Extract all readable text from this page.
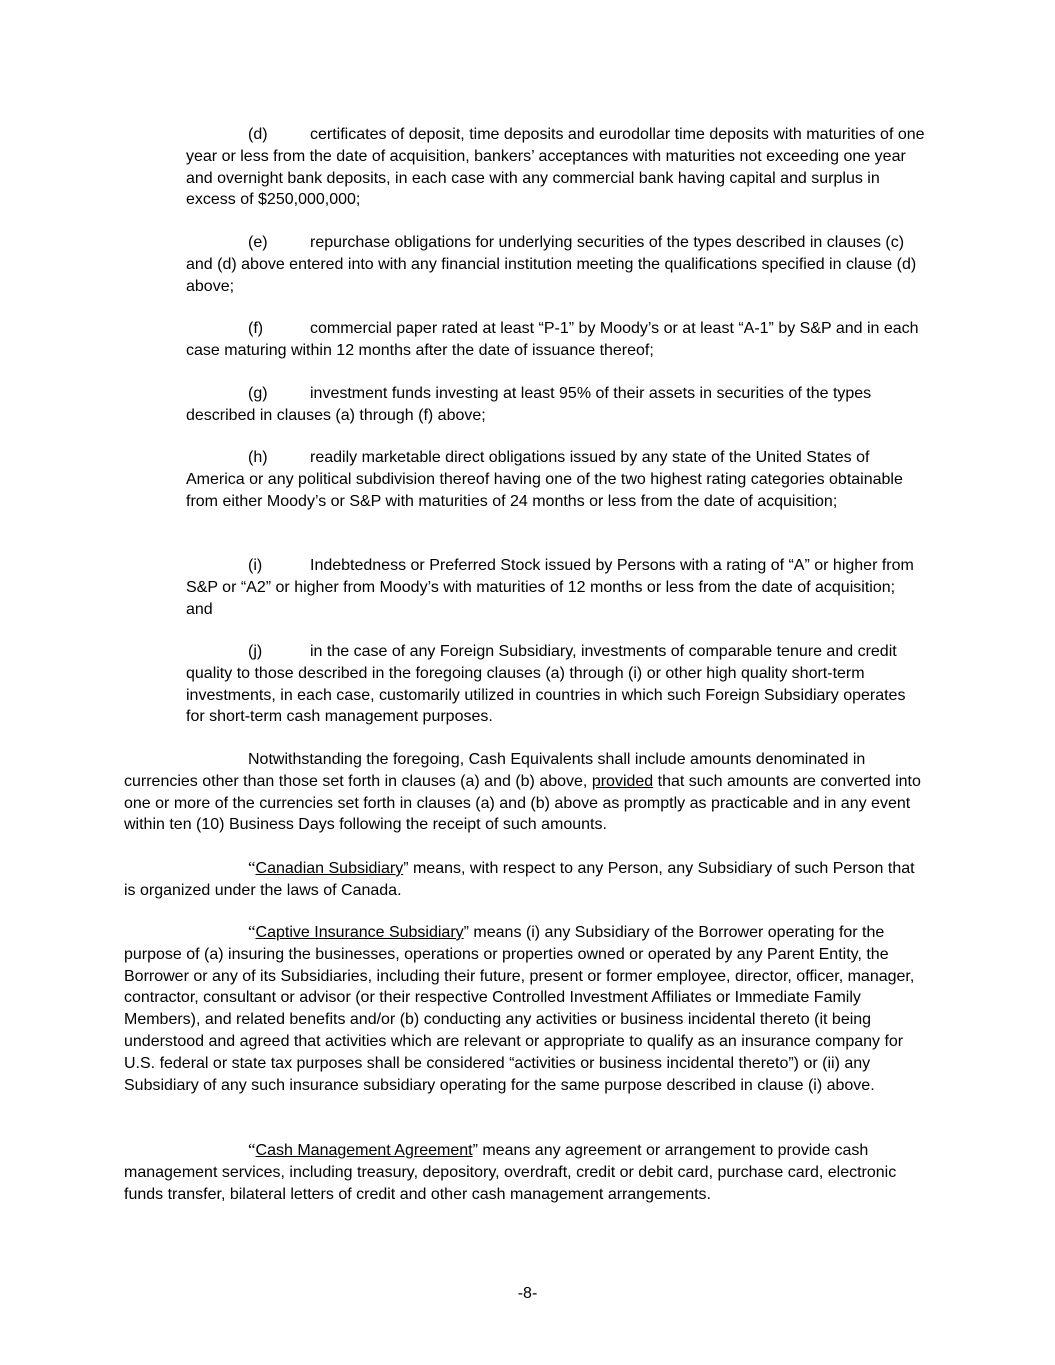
(d)	certificates of deposit, time deposits and eurodollar time deposits with maturities of one year or less from the date of acquisition, bankers’ acceptances with maturities not exceeding one year and overnight bank deposits, in each case with any commercial bank having capital and surplus in excess of $250,000,000;
(e)	repurchase obligations for underlying securities of the types described in clauses (c) and (d) above entered into with any financial institution meeting the qualifications specified in clause (d) above;
(f)	commercial paper rated at least “P-1” by Moody’s or at least “A-1” by S&P and in each case maturing within 12 months after the date of issuance thereof;
(g)	investment funds investing at least 95% of their assets in securities of the types described in clauses (a) through (f) above;
(h)	readily marketable direct obligations issued by any state of the United States of America or any political subdivision thereof having one of the two highest rating categories obtainable from either Moody’s or S&P with maturities of 24 months or less from the date of acquisition;
(i)	Indebtedness or Preferred Stock issued by Persons with a rating of “A” or higher from S&P or “A2” or higher from Moody’s with maturities of 12 months or less from the date of acquisition; and
(j)	in the case of any Foreign Subsidiary, investments of comparable tenure and credit quality to those described in the foregoing clauses (a) through (i) or other high quality short-term investments, in each case, customarily utilized in countries in which such Foreign Subsidiary operates for short-term cash management purposes.
Notwithstanding the foregoing, Cash Equivalents shall include amounts denominated in currencies other than those set forth in clauses (a) and (b) above, provided that such amounts are converted into one or more of the currencies set forth in clauses (a) and (b) above as promptly as practicable and in any event within ten (10) Business Days following the receipt of such amounts.
“Canadian Subsidiary” means, with respect to any Person, any Subsidiary of such Person that is organized under the laws of Canada.
“Captive Insurance Subsidiary” means (i) any Subsidiary of the Borrower operating for the purpose of (a) insuring the businesses, operations or properties owned or operated by any Parent Entity, the Borrower or any of its Subsidiaries, including their future, present or former employee, director, officer, manager, contractor, consultant or advisor (or their respective Controlled Investment Affiliates or Immediate Family Members), and related benefits and/or (b) conducting any activities or business incidental thereto (it being understood and agreed that activities which are relevant or appropriate to qualify as an insurance company for U.S. federal or state tax purposes shall be considered “activities or business incidental thereto”) or (ii) any Subsidiary of any such insurance subsidiary operating for the same purpose described in clause (i) above.
“Cash Management Agreement” means any agreement or arrangement to provide cash management services, including treasury, depository, overdraft, credit or debit card, purchase card, electronic funds transfer, bilateral letters of credit and other cash management arrangements.
-8-
